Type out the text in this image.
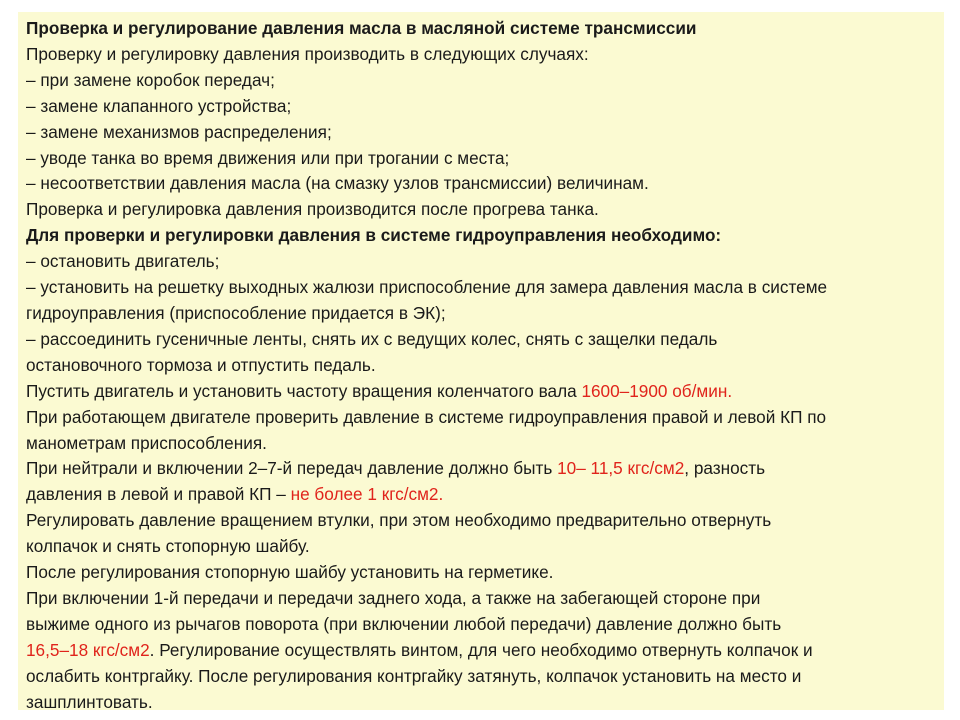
Проверка и регулирование давления масла в масляной системе трансмиссии
Проверку и регулировку давления производить в следующих случаях:
– при замене коробок передач;
– замене клапанного устройства;
– замене механизмов распределения;
– уводе танка во время движения или при трогании с места;
– несоответствии давления масла (на смазку узлов трансмиссии) величинам.
Проверка и регулировка давления производится после прогрева танка.
Для проверки и регулировки давления в системе гидроуправления необходимо:
– остановить двигатель;
– установить на решетку выходных жалюзи приспособление для замера давления масла в системе
гидроуправления (приспособление придается в ЭК);
– рассоединить гусеничные ленты, снять их с ведущих колес, снять с защелки педаль
остановочного тормоза и отпустить педаль.
Пустить двигатель и установить частоту вращения коленчатого вала 1600–1900 об/мин.
При работающем двигателе проверить давление в системе гидроуправления правой и левой КП по
манометрам приспособления.
При нейтрали и включении 2–7-й передач давление должно быть 10– 11,5 кгс/см2, разность
давления в левой и правой КП – не более 1 кгс/см2.
Регулировать давление вращением втулки, при этом необходимо предварительно отвернуть
колпачок и снять стопорную шайбу.
После регулирования стопорную шайбу установить на герметике.
При включении 1-й передачи и передачи заднего хода, а также на забегающей стороне при
выжиме одного из рычагов поворота (при включении любой передачи) давление должно быть
16,5–18 кгс/см2. Регулирование осуществлять винтом, для чего необходимо отвернуть колпачок и
ослабить контргайку. После регулирования контргайку затянуть, колпачок установить на место и
зашплинтовать.
